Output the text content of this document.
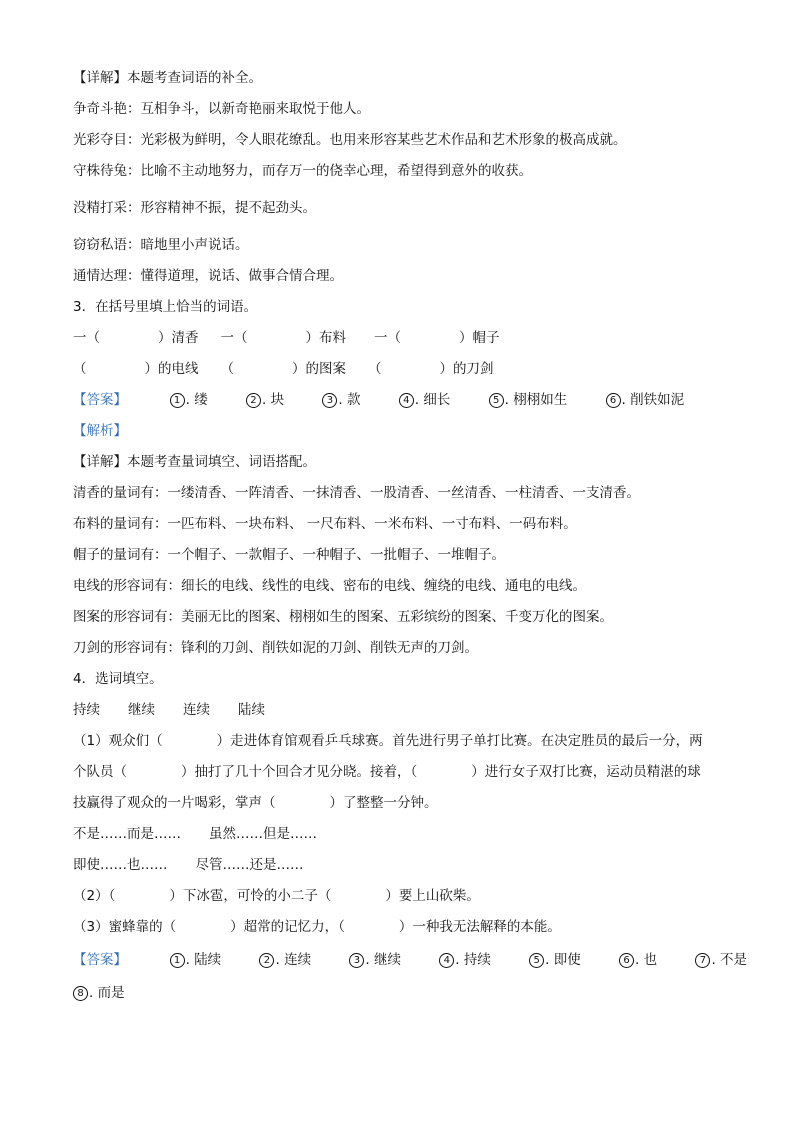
【详解】本题考查词语的补全。
争奇斗艳：互相争斗，以新奇艳丽来取悦于他人。
光彩夺目：光彩极为鲜明，令人眼花缭乱。也用来形容某些艺术作品和艺术形象的极高成就。
守株待兔：比喻不主动地努力，而存万一的侥幸心理，希望得到意外的收获。
没精打采：形容精神不振，提不起劲头。
窃窃私语：暗地里小声说话。
通情达理：懂得道理，说话、做事合情合理。
3．在括号里填上恰当的词语。
一（	）清香 一（	）布料 一（	）帽子
（	）的电线 （	）的图案 （	）的刀剑
【答案】	1 . 缕	2 . 块	3 . 款	4 . 细长	5 . 栩栩如生	6 . 削铁如泥
【解析】
【详解】本题考查量词填空、词语搭配。
清香的量词有：一缕清香、一阵清香、一抹清香、一股清香、一丝清香、一柱清香、一支清香。
布料的量词有：一匹布料、一块布料、 一尺布料、一米布料、一寸布料、一码布料。
帽子的量词有：一个帽子、一款帽子、一种帽子、一批帽子、一堆帽子。
电线的形容词有：细长的电线、线性的电线、密布的电线、缠绕的电线、通电的电线。
图案的形容词有：美丽无比的图案、栩栩如生的图案、五彩缤纷的图案、千变万化的图案。
刀剑的形容词有：锋利的刀剑、削铁如泥的刀剑、削铁无声的刀剑。
4．选词填空。
持续 继续 连续 陆续
（1）观众们（　　　　）走进体育馆观看乒乓球赛。首先进行男子单打比赛。在决定胜员的最后一分，两
个队员（　　　　）抽打了几十个回合才见分晓。接着，（　　　　）进行女子双打比赛，运动员精湛的球
技赢得了观众的一片喝彩，掌声（　　　　）了整整一分钟。
不是……而是…… 虽然……但是……
即使……也…… 尽管……还是……
（2）（　　　　）下冰雹，可怜的小二子（　　　　）要上山砍柴。
（3）蜜蜂靠的（　　　　）超常的记忆力，（　　　　）一种我无法解释的本能。
【答案】	1 . 陆续	2 . 连续	3 . 继续	4 . 持续	5 . 即使	6 . 也	7 . 不是
8 . 而是
